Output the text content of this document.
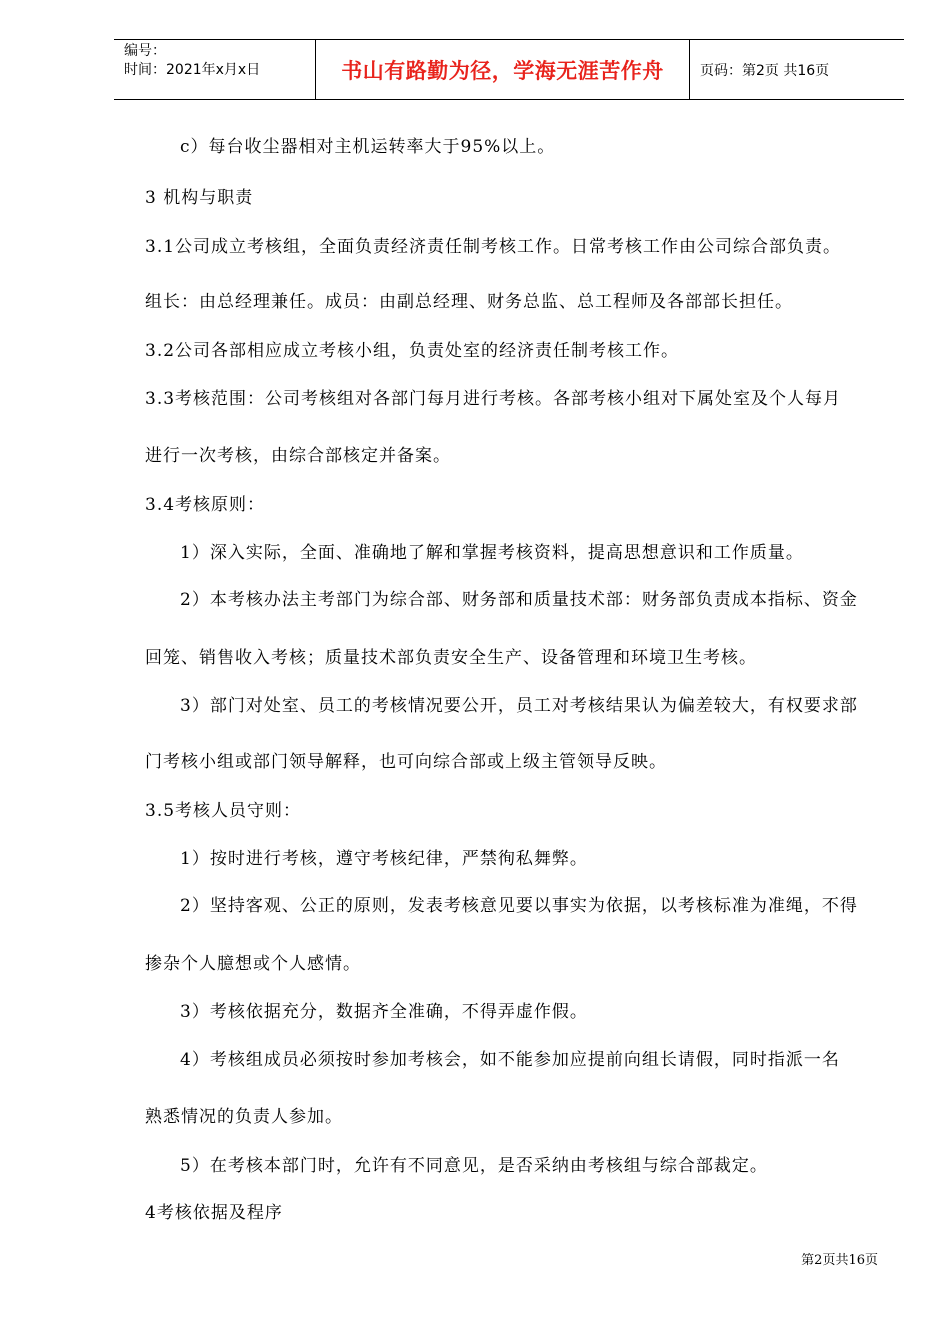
编号：
时间：2021年x月x日	书山有路勤为径，学海无涯苦作舟	页码：第2页 共16页
c）每台收尘器相对主机运转率大于95%以上。
3 机构与职责
3.1公司成立考核组，全面负责经济责任制考核工作。日常考核工作由公司综合部负责。
组长：由总经理兼任。成员：由副总经理、财务总监、总工程师及各部部长担任。
3.2公司各部相应成立考核小组，负责处室的经济责任制考核工作。
3.3考核范围：公司考核组对各部门每月进行考核。各部考核小组对下属处室及个人每月
进行一次考核，由综合部核定并备案。
3.4考核原则：
1）深入实际，全面、准确地了解和掌握考核资料，提高思想意识和工作质量。
2）本考核办法主考部门为综合部、财务部和质量技术部：财务部负责成本指标、资金
回笼、销售收入考核；质量技术部负责安全生产、设备管理和环境卫生考核。
3）部门对处室、员工的考核情况要公开，员工对考核结果认为偏差较大，有权要求部
门考核小组或部门领导解释，也可向综合部或上级主管领导反映。
3.5考核人员守则：
1）按时进行考核，遵守考核纪律，严禁徇私舞弊。
2）坚持客观、公正的原则，发表考核意见要以事实为依据，以考核标准为准绳，不得
掺杂个人臆想或个人感情。
3）考核依据充分，数据齐全准确，不得弄虚作假。
4）考核组成员必须按时参加考核会，如不能参加应提前向组长请假，同时指派一名
熟悉情况的负责人参加。
5）在考核本部门时，允许有不同意见，是否采纳由考核组与综合部裁定。
4考核依据及程序
第2页共16页
